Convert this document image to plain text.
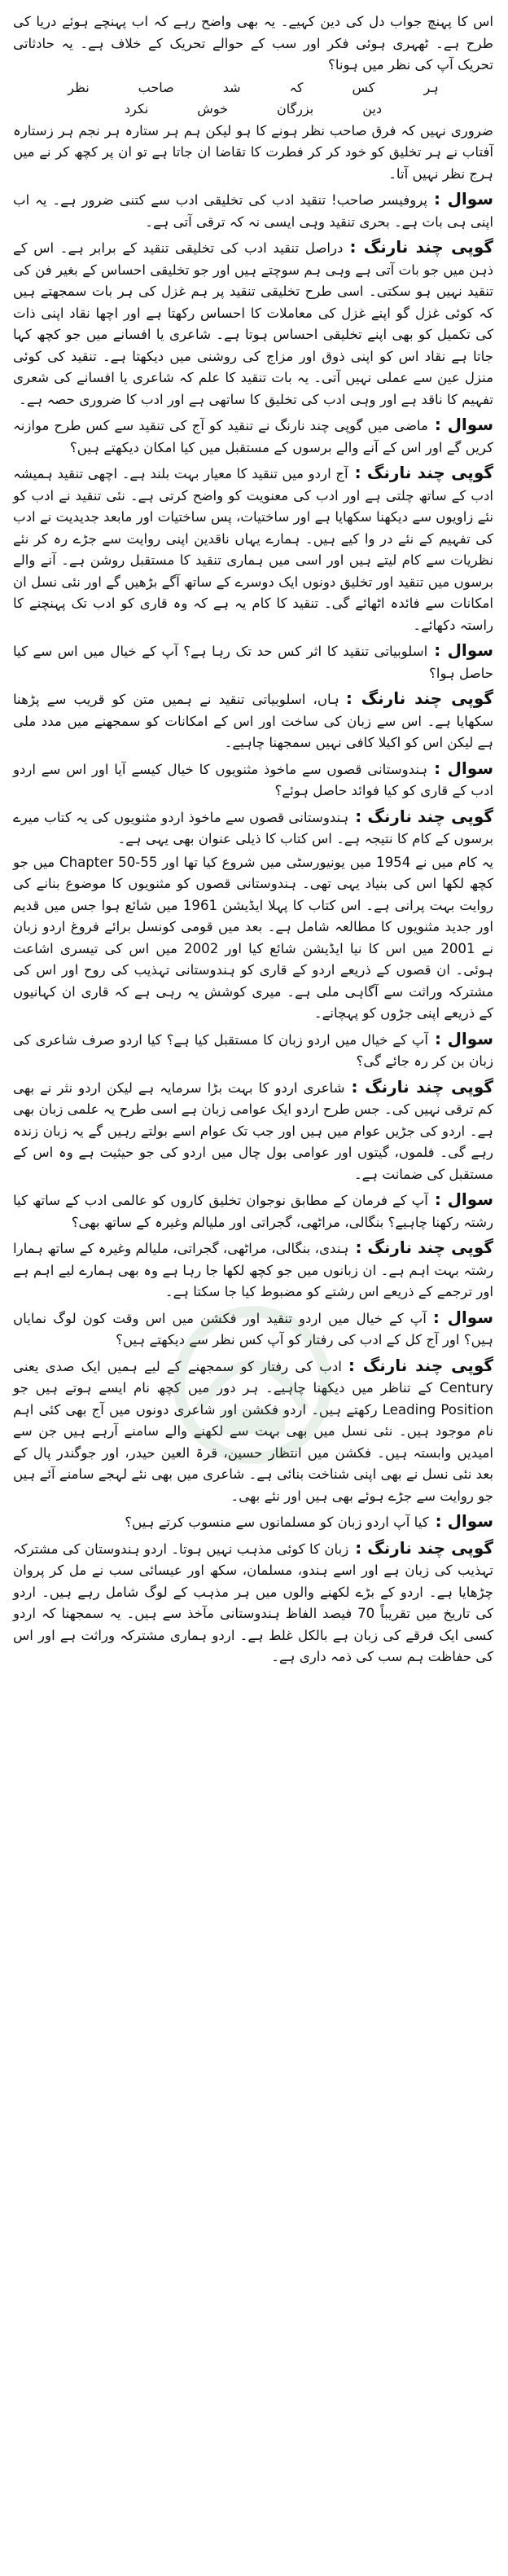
اس کا پہنچ جواب دل کی دین کہیے۔ یہ بھی واضح رہے کہ اب پہنچے ہوئے دریا کی طرح ہے۔ ٹھہری ہوئی فکر اور سب کے حوالے تحریک کے خلاف ہے۔ یہ حادثاتی تحریک آپ کی نظر میں ہونا؟

ہر
کس
کہ
شد
صاحب
نظر
دین
بزرگان
خوش
نکرد

ضروری نہیں کہ فرق صاحب نظر ہونے کا ہو لیکن ہم ہر ستارہ ہر نجم ہر زستارہ آفتاب نے ہر تخلیق کو خود کر کر فطرت کا تقاضا ان جاتا ہے تو ان پر کچھ کر نے میں ہرج نظر نہیں آتا۔

سوال :پروفیسر صاحب! تنقید ادب کی تخلیقی ادب سے کتنی ضرور ہے۔ یہ اب اپنی ہی بات ہے۔ بحری تنقید وہی ایسی نہ کہ ترقی آتی ہے۔

گوپی چند نارنگ :دراصل تنقید ادب کی تخلیقی تنقید کے برابر ہے۔ اس کے ذہن میں جو بات آتی ہے وہی ہم سوچتے ہیں اور جو تخلیقی احساس کے بغیر فن کی تنقید نہیں ہو سکتی۔ اسی طرح تخلیقی تنقید پر ہم غزل کی ہر بات سمجھتے ہیں کہ کوئی غزل گو اپنے غزل کی معاملات کا احساس رکھتا ہے اور اچھا نقاد اپنی ذات کی تکمیل کو بھی اپنے تخلیقی احساس ہوتا ہے۔ شاعری یا افسانے میں جو کچھ کہا جاتا ہے نقاد اس کو اپنی ذوق اور مزاج کی روشنی میں دیکھتا ہے۔ تنقید کی کوئی منزل عین سے عملی نہیں آتی۔ یہ بات تنقید کا علم کہ شاعری یا افسانے کی شعری تفہیم کا ناقد ہے اور وہی ادب کی تخلیق کا ساتھی ہے اور ادب کا ضروری حصہ ہے۔

سوال :ماضی میں گوپی چند نارنگ نے تنقید کو آج کی تنقید سے کس طرح موازنہ کریں گے اور اس کے آنے والے برسوں کے مستقبل میں کیا امکان دیکھتے ہیں؟

گوپی چند نارنگ :آج اردو میں تنقید کا معیار بہت بلند ہے۔ اچھی تنقید ہمیشہ ادب کے ساتھ چلتی ہے اور ادب کی معنویت کو واضح کرتی ہے۔ نئی تنقید نے ادب کو نئے زاویوں سے دیکھنا سکھایا ہے اور ساختیات، پس ساختیات اور مابعد جدیدیت نے ادب کی تفہیم کے نئے در وا کیے ہیں۔ ہمارے یہاں ناقدین اپنی روایت سے جڑے رہ کر نئے نظریات سے کام لیتے ہیں اور اسی میں ہماری تنقید کا مستقبل روشن ہے۔ آنے والے برسوں میں تنقید اور تخلیق دونوں ایک دوسرے کے ساتھ آگے بڑھیں گے اور نئی نسل ان امکانات سے فائدہ اٹھائے گی۔ تنقید کا کام یہ ہے کہ وہ قاری کو ادب تک پہنچنے کا راستہ دکھائے۔

سوال :اسلوبیاتی تنقید کا اثر کس حد تک رہا ہے؟ آپ کے خیال میں اس سے کیا حاصل ہوا؟

گوپی چند نارنگ :ہاں، اسلوبیاتی تنقید نے ہمیں متن کو قریب سے پڑھنا سکھایا ہے۔ اس سے زبان کی ساخت اور اس کے امکانات کو سمجھنے میں مدد ملی ہے لیکن اس کو اکیلا کافی نہیں سمجھنا چاہیے۔

سوال :ہندوستانی قصوں سے ماخوذ مثنویوں کا خیال کیسے آیا اور اس سے اردو ادب کے قاری کو کیا فوائد حاصل ہوئے؟

گوپی چند نارنگ :ہندوستانی قصوں سے ماخوذ اردو مثنویوں کی یہ کتاب میرے برسوں کے کام کا نتیجہ ہے۔ اس کتاب کا ذیلی عنوان بھی یہی ہے۔

یہ کام میں نے 1954 میں یونیورسٹی میں شروع کیا تھا اور Chapter 50-55 میں جو کچھ لکھا اس کی بنیاد یہی تھی۔ ہندوستانی قصوں کو مثنویوں کا موضوع بنانے کی روایت بہت پرانی ہے۔ اس کتاب کا پہلا ایڈیشن 1961 میں شائع ہوا جس میں قدیم اور جدید مثنویوں کا مطالعہ شامل ہے۔ بعد میں قومی کونسل برائے فروغ اردو زبان نے 2001 میں اس کا نیا ایڈیشن شائع کیا اور 2002 میں اس کی تیسری اشاعت ہوئی۔ ان قصوں کے ذریعے اردو کے قاری کو ہندوستانی تہذیب کی روح اور اس کی مشترکہ وراثت سے آگاہی ملی ہے۔ میری کوشش یہ رہی ہے کہ قاری ان کہانیوں کے ذریعے اپنی جڑوں کو پہچانے۔

سوال :آپ کے خیال میں اردو زبان کا مستقبل کیا ہے؟ کیا اردو صرف شاعری کی زبان بن کر رہ جائے گی؟

گوپی چند نارنگ :شاعری اردو کا بہت بڑا سرمایہ ہے لیکن اردو نثر نے بھی کم ترقی نہیں کی۔ جس طرح اردو ایک عوامی زبان ہے اسی طرح یہ علمی زبان بھی ہے۔ اردو کی جڑیں عوام میں ہیں اور جب تک عوام اسے بولتے رہیں گے یہ زبان زندہ رہے گی۔ فلموں، گیتوں اور عوامی بول چال میں اردو کی جو حیثیت ہے وہ اس کے مستقبل کی ضمانت ہے۔

سوال :آپ کے فرمان کے مطابق نوجوان تخلیق کاروں کو عالمی ادب کے ساتھ کیا رشتہ رکھنا چاہیے؟ بنگالی، مراٹھی، گجراتی اور ملیالم وغیرہ کے ساتھ بھی؟

گوپی چند نارنگ :ہندی، بنگالی، مراٹھی، گجراتی، ملیالم وغیرہ کے ساتھ ہمارا رشتہ بہت اہم ہے۔ ان زبانوں میں جو کچھ لکھا جا رہا ہے وہ بھی ہمارے لیے اہم ہے اور ترجمے کے ذریعے اس رشتے کو مضبوط کیا جا سکتا ہے۔

سوال :آپ کے خیال میں اردو تنقید اور فکشن میں اس وقت کون لوگ نمایاں ہیں؟ اور آج کل کے ادب کی رفتار کو آپ کس نظر سے دیکھتے ہیں؟

گوپی چند نارنگ :ادب کی رفتار کو سمجھنے کے لیے ہمیں ایک صدی یعنی Century کے تناظر میں دیکھنا چاہیے۔ ہر دور میں کچھ نام ایسے ہوتے ہیں جو Leading Position رکھتے ہیں۔ اردو فکشن اور شاعری دونوں میں آج بھی کئی اہم نام موجود ہیں۔ نئی نسل میں بھی بہت سے لکھنے والے سامنے آرہے ہیں جن سے امیدیں وابستہ ہیں۔ فکشن میں انتظار حسین، قرۃ العین حیدر، اور جوگندر پال کے بعد نئی نسل نے بھی اپنی شناخت بنائی ہے۔ شاعری میں بھی نئے لہجے سامنے آئے ہیں جو روایت سے جڑے ہوئے بھی ہیں اور نئے بھی۔

سوال :کیا آپ اردو زبان کو مسلمانوں سے منسوب کرتے ہیں؟

گوپی چند نارنگ :زبان کا کوئی مذہب نہیں ہوتا۔ اردو ہندوستان کی مشترکہ تہذیب کی زبان ہے اور اسے ہندو، مسلمان، سکھ اور عیسائی سب نے مل کر پروان چڑھایا ہے۔ اردو کے بڑے لکھنے والوں میں ہر مذہب کے لوگ شامل رہے ہیں۔ اردو کی تاریخ میں تقریباً 70 فیصد الفاظ ہندوستانی مآخذ سے ہیں۔ یہ سمجھنا کہ اردو کسی ایک فرقے کی زبان ہے بالکل غلط ہے۔ اردو ہماری مشترکہ وراثت ہے اور اس کی حفاظت ہم سب کی ذمہ داری ہے۔
